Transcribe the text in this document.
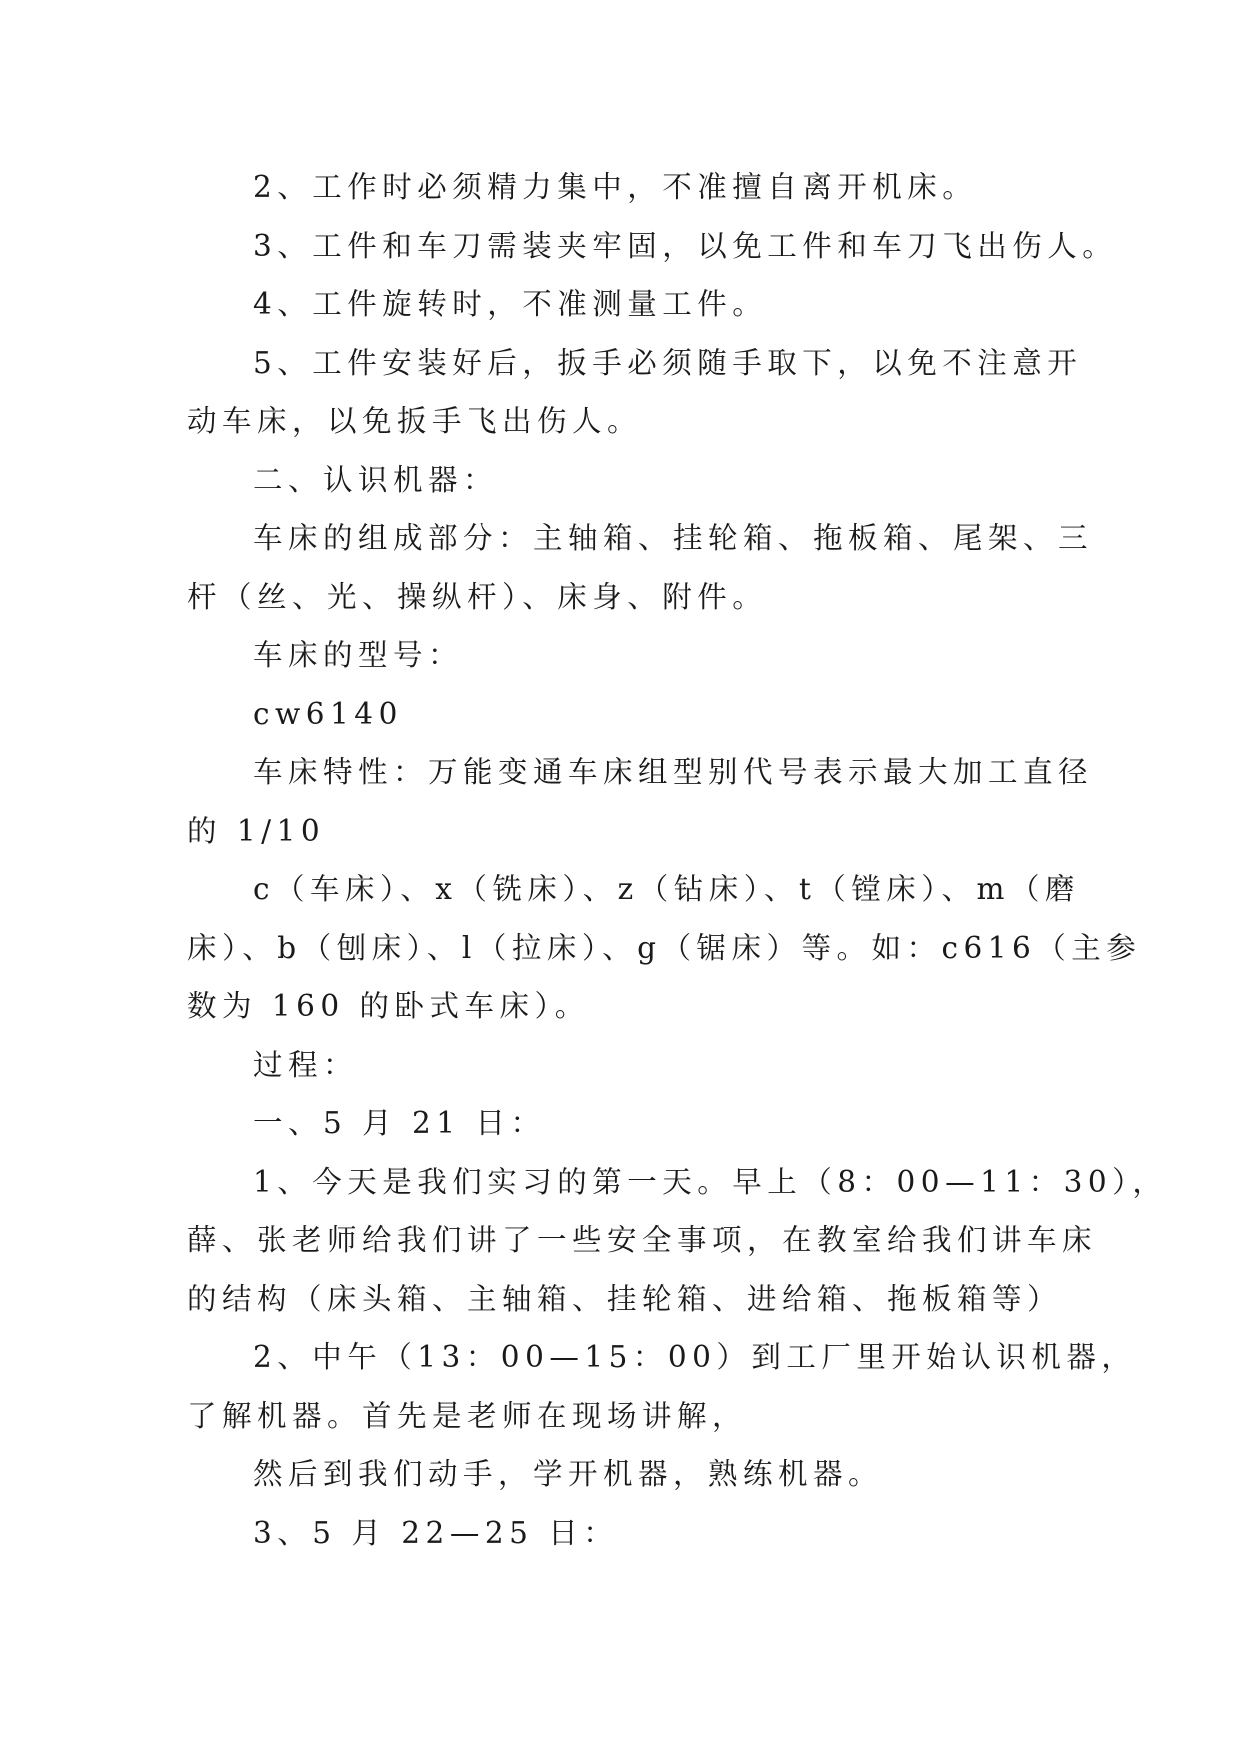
2、工作时必须精力集中，不准擅自离开机床。
3、工件和车刀需装夹牢固，以免工件和车刀飞出伤人。
4、工件旋转时，不准测量工件。
5、工件安装好后，扳手必须随手取下，以免不注意开
动车床，以免扳手飞出伤人。
二、认识机器：
车床的组成部分：主轴箱、挂轮箱、拖板箱、尾架、三
杆（丝、光、操纵杆）、床身、附件。
车床的型号：
cw6140
车床特性：万能变通车床组型别代号表示最大加工直径
的 1/10
c（车床）、x（铣床）、z（钻床）、t（镗床）、m（磨
床）、b（刨床）、l（拉床）、g（锯床）等。如：c616（主参
数为 160 的卧式车床）。
过程：
一、5 月 21 日：
1、今天是我们实习的第一天。早上（8：00—11：30），
薛、张老师给我们讲了一些安全事项，在教室给我们讲车床
的结构（床头箱、主轴箱、挂轮箱、进给箱、拖板箱等）
2、中午（13：00—15：00）到工厂里开始认识机器，
了解机器。首先是老师在现场讲解，
然后到我们动手，学开机器，熟练机器。
3、5 月 22—25 日：
